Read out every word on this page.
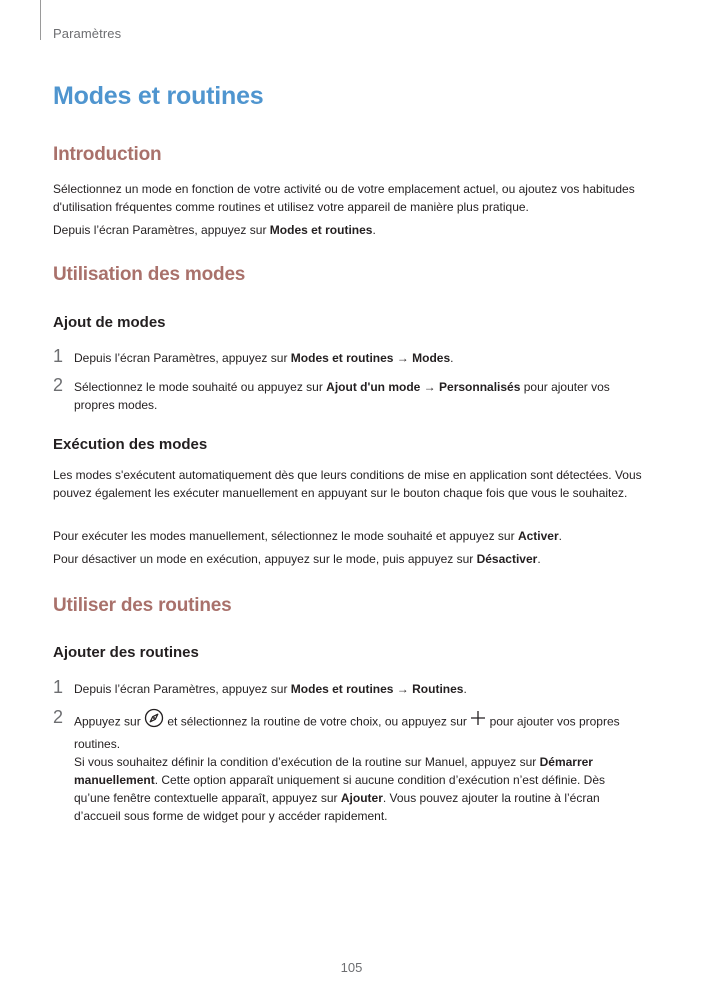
Paramètres
Modes et routines
Introduction

Sélectionnez un mode en fonction de votre activité ou de votre emplacement actuel, ou ajoutez vos habitudes d'utilisation fréquentes comme routines et utilisez votre appareil de manière plus pratique.

Depuis l’écran Paramètres, appuyez sur Modes et routines.

Utilisation des modes
Ajout de modes
1 Depuis l’écran Paramètres, appuyez sur Modes et routines → Modes.
2 Sélectionnez le mode souhaité ou appuyez sur Ajout d'un mode → Personnalisés pour ajouter vos

propres modes.

Exécution des modes

Les modes s'exécutent automatiquement dès que leurs conditions de mise en application sont détectées. Vous pouvez également les exécuter manuellement en appuyant sur le bouton chaque fois que vous le souhaitez.

Pour exécuter les modes manuellement, sélectionnez le mode souhaité et appuyez sur Activer.

Pour désactiver un mode en exécution, appuyez sur le mode, puis appuyez sur Désactiver.

Utiliser des routines
Ajouter des routines
1 Depuis l’écran Paramètres, appuyez sur Modes et routines → Routines.
2 Appuyez sur  et sélectionnez la routine de votre choix, ou appuyez sur  pour ajouter vos propres

routines.

Si vous souhaitez définir la condition d’exécution de la routine sur Manuel, appuyez sur Démarrer

manuellement. Cette option apparaît uniquement si aucune condition d’exécution n’est définie. Dès

qu’une fenêtre contextuelle apparaît, appuyez sur Ajouter. Vous pouvez ajouter la routine à l’écran

d’accueil sous forme de widget pour y accéder rapidement.

105
